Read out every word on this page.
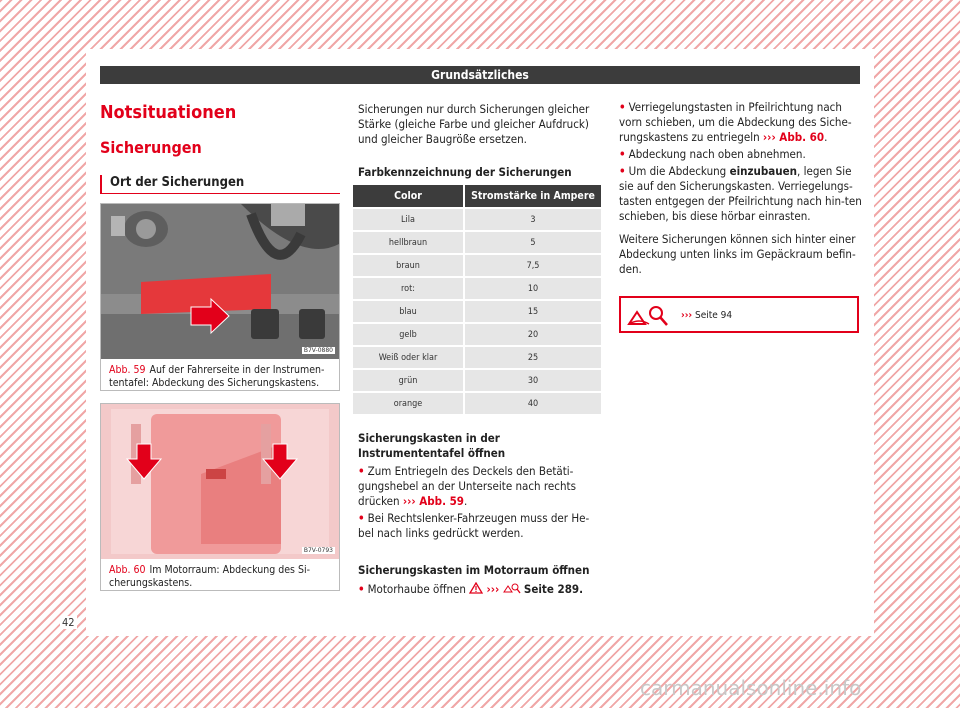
Grundsätzliches
Notsituationen
Sicherungen
Ort der Sicherungen
B7V-0880
Abb. 59 Auf der Fahrerseite in der Instrumen-tentafel: Abdeckung des Sicherungskastens.
B7V-0793
Abb. 60 Im Motorraum: Abdeckung des Si-cherungskastens.
Sicherungen nur durch Sicherungen gleicher Stärke (gleiche Farbe und gleicher Aufdruck) und gleicher Baugröße ersetzen.
Farbkennzeichnung der Sicherungen
Color	Stromstärke in Ampere
Lila	3
hellbraun	5
braun	7,5
rot:	10
blau	15
gelb	20
Weiß oder klar	25
grün	30
orange	40
Sicherungskasten in der Instrumententafel öffnen
• Zum Entriegeln des Deckels den Betäti-gungshebel an der Unterseite nach rechts drücken ››› Abb. 59.
• Bei Rechtslenker-Fahrzeugen muss der He-bel nach links gedrückt werden.
Sicherungskasten im Motorraum öffnen
• Motorhaube öffnen ››› Seite 289.
• Verriegelungstasten in Pfeilrichtung nach vorn schieben, um die Abdeckung des Siche-rungskastens zu entriegeln ››› Abb. 60.
• Abdeckung nach oben abnehmen.
• Um die Abdeckung einzubauen, legen Sie sie auf den Sicherungskasten. Verriegelungs-tasten entgegen der Pfeilrichtung nach hin-ten schieben, bis diese hörbar einrasten.

Weitere Sicherungen können sich hinter einer Abdeckung unten links im Gepäckraum befin-den.

››› Seite 94
42
carmanualsonline.info
